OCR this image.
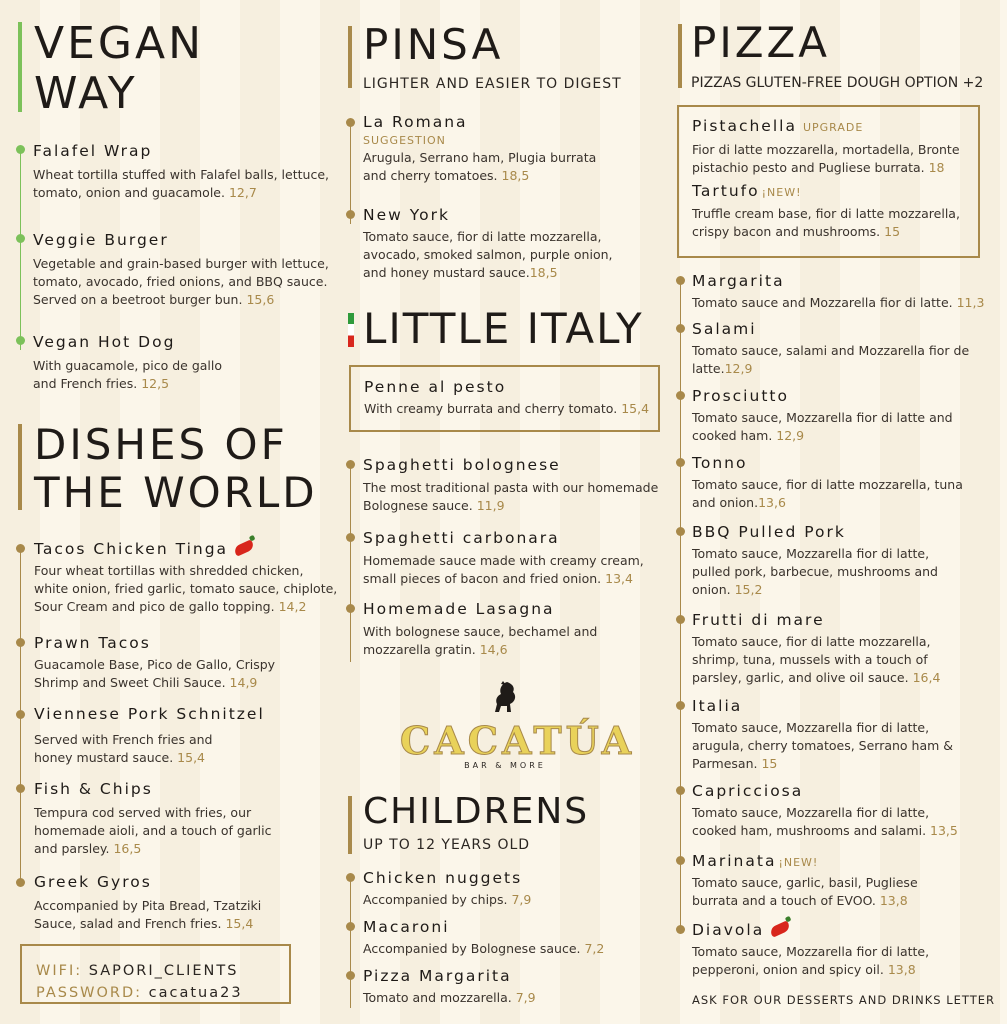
VEGAN
WAY
Falafel Wrap
Wheat tortilla stuffed with Falafel balls, lettuce, tomato, onion and guacamole. 12,7
Veggie Burger
Vegetable and grain-based burger with lettuce, tomato, avocado, fried onions, and BBQ sauce. Served on a beetroot burger bun. 15,6
Vegan Hot Dog
With guacamole, pico de gallo and French fries. 12,5
DISHES OF
THE WORLD
Tacos Chicken Tinga
Four wheat tortillas with shredded chicken, white onion, fried garlic, tomato sauce, chiplote, Sour Cream and pico de gallo topping. 14,2
Prawn Tacos
Guacamole Base, Pico de Gallo, Crispy Shrimp and Sweet Chili Sauce. 14,9
Viennese Pork Schnitzel
Served with French fries and honey mustard sauce. 15,4
Fish & Chips
Tempura cod served with fries, our homemade aioli, and a touch of garlic and parsley. 16,5
Greek Gyros
Accompanied by Pita Bread, Tzatziki Sauce, salad and French fries. 15,4
WIFI: SAPORI_CLIENTS
PASSWORD: cacatua23
PINSA
LIGHTER AND EASIER TO DIGEST
La Romana
SUGGESTION
Arugula, Serrano ham, Plugia burrata and cherry tomatoes. 18,5
New York
Tomato sauce, fior di latte mozzarella, avocado, smoked salmon, purple onion, and honey mustard sauce.18,5
LITTLE ITALY
Penne al pesto
With creamy burrata and cherry tomato. 15,4
Spaghetti bolognese
The most traditional pasta with our homemade Bolognese sauce. 11,9
Spaghetti carbonara
Homemade sauce made with creamy cream, small pieces of bacon and fried onion. 13,4
Homemade Lasagna
With bolognese sauce, bechamel and mozzarella gratin. 14,6
CACATÚA
BAR & MORE
CHILDRENS
UP TO 12 YEARS OLD
Chicken nuggets
Accompanied by chips. 7,9
Macaroni
Accompanied by Bolognese sauce. 7,2
Pizza Margarita
Tomato and mozzarella. 7,9
PIZZA
PIZZAS GLUTEN-FREE DOUGH OPTION +2
Pistachella UPGRADE
Fior di latte mozzarella, mortadella, Bronte pistachio pesto and Pugliese burrata. 18
Tartufo ¡NEW!
Truffle cream base, fior di latte mozzarella, crispy bacon and mushrooms. 15
Margarita
Tomato sauce and Mozzarella fior di latte. 11,3
Salami
Tomato sauce, salami and Mozzarella fior de latte.12,9
Prosciutto
Tomato sauce, Mozzarella fior di latte and cooked ham. 12,9
Tonno
Tomato sauce, fior di latte mozzarella, tuna and onion.13,6
BBQ Pulled Pork
Tomato sauce, Mozzarella fior di latte, pulled pork, barbecue, mushrooms and onion. 15,2
Frutti di mare
Tomato sauce, fior di latte mozzarella, shrimp, tuna, mussels with a touch of parsley, garlic, and olive oil sauce. 16,4
Italia
Tomato sauce, Mozzarella fior di latte, arugula, cherry tomatoes, Serrano ham & Parmesan. 15
Capricciosa
Tomato sauce, Mozzarella fior di latte, cooked ham, mushrooms and salami. 13,5
Marinata ¡NEW!
Tomato sauce, garlic, basil, Pugliese burrata and a touch of EVOO. 13,8
Diavola
Tomato sauce, Mozzarella fior di latte, pepperoni, onion and spicy oil. 13,8
ASK FOR OUR DESSERTS AND DRINKS LETTER
